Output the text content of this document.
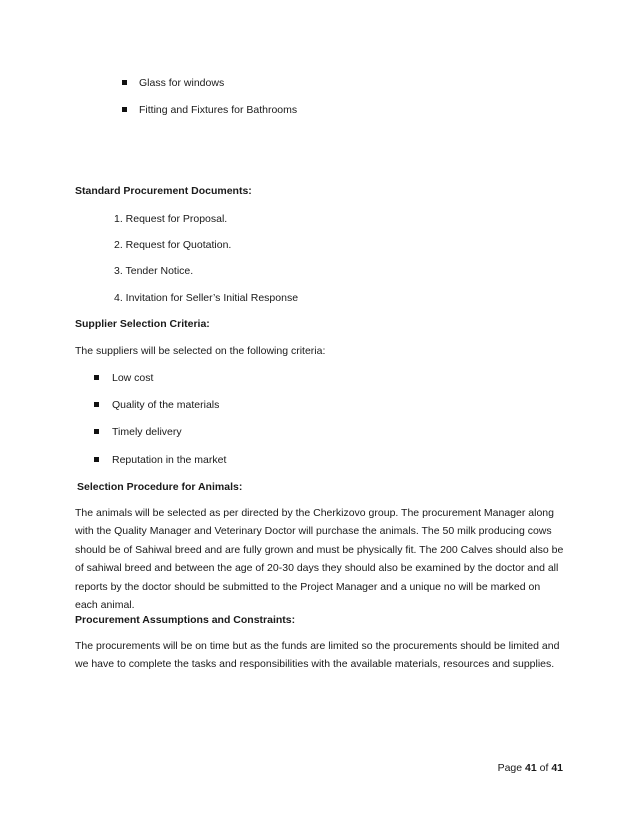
Glass for windows
Fitting and Fixtures for Bathrooms
Standard Procurement Documents:
1. Request for Proposal.
2. Request for Quotation.
3. Tender Notice.
4. Invitation for Seller’s Initial Response
Supplier Selection Criteria:
The suppliers will be selected on the following criteria:
Low cost
Quality of the materials
Timely delivery
Reputation in the market
Selection Procedure for Animals:
The animals will be selected as per directed by the Cherkizovo group. The procurement Manager along with the Quality Manager and Veterinary Doctor will purchase the animals. The 50 milk producing cows should be of Sahiwal breed and are fully grown and must be physically fit. The 200 Calves should also be of sahiwal breed and between the age of 20-30 days they should also be examined by the doctor and all reports by the doctor should be submitted to the Project Manager and a unique no will be marked on each animal.
Procurement Assumptions and Constraints:
The procurements will be on time but as the funds are limited so the procurements should be limited and we have to complete the tasks and responsibilities with the available materials, resources and supplies.
Page 41 of 41
